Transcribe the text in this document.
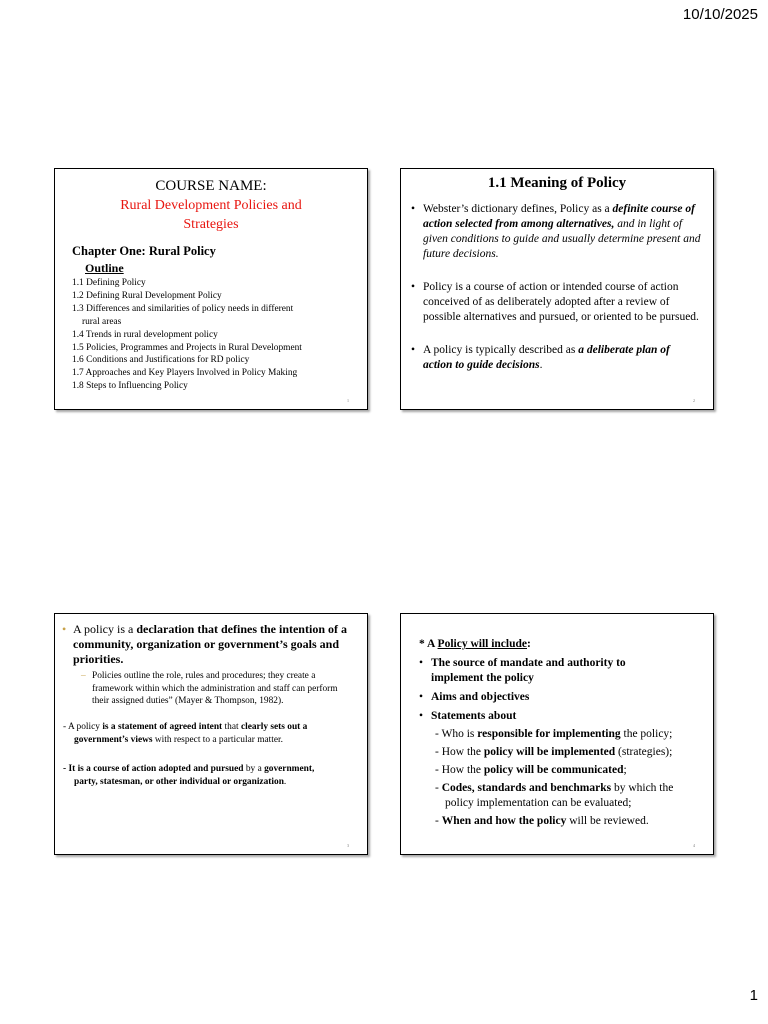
10/10/2025
COURSE NAME:
Rural Development Policies and
Strategies
Chapter One: Rural Policy
Outline
1.1 Defining Policy
1.2 Defining Rural Development Policy
1.3 Differences and similarities of policy needs in different
rural areas
1.4 Trends in rural development policy
1.5 Policies, Programmes and Projects in Rural Development
1.6 Conditions and Justifications for RD policy
1.7 Approaches and Key Players Involved in Policy Making
1.8 Steps to Influencing Policy
1
1.1 Meaning of Policy
• Webster’s dictionary defines, Policy as a definite course of action selected from among alternatives, and in light of given conditions to guide and usually determine present and future decisions.
• Policy is a course of action or intended course of action conceived of as deliberately adopted after a review of possible alternatives and pursued, or oriented to be pursued.
• A policy is typically described as a deliberate plan of action to guide decisions.
2
• A policy is a declaration that defines the intention of a community, organization or government’s goals and priorities.
– Policies outline the role, rules and procedures; they create a framework within which the administration and staff can perform their assigned duties” (Mayer & Thompson, 1982).
- A policy is a statement of agreed intent that clearly sets out a
government’s views with respect to a particular matter.
- It is a course of action adopted and pursued by a government,
party, statesman, or other individual or organization.
3
* A Policy will include:
• The source of mandate and authority to
implement the policy
• Aims and objectives
• Statements about
- Who is responsible for implementing the policy;
- How the policy will be implemented (strategies);
- How the policy will be communicated;
- Codes, standards and benchmarks by which the
policy implementation can be evaluated;
- When and how the policy will be reviewed.
4
1
